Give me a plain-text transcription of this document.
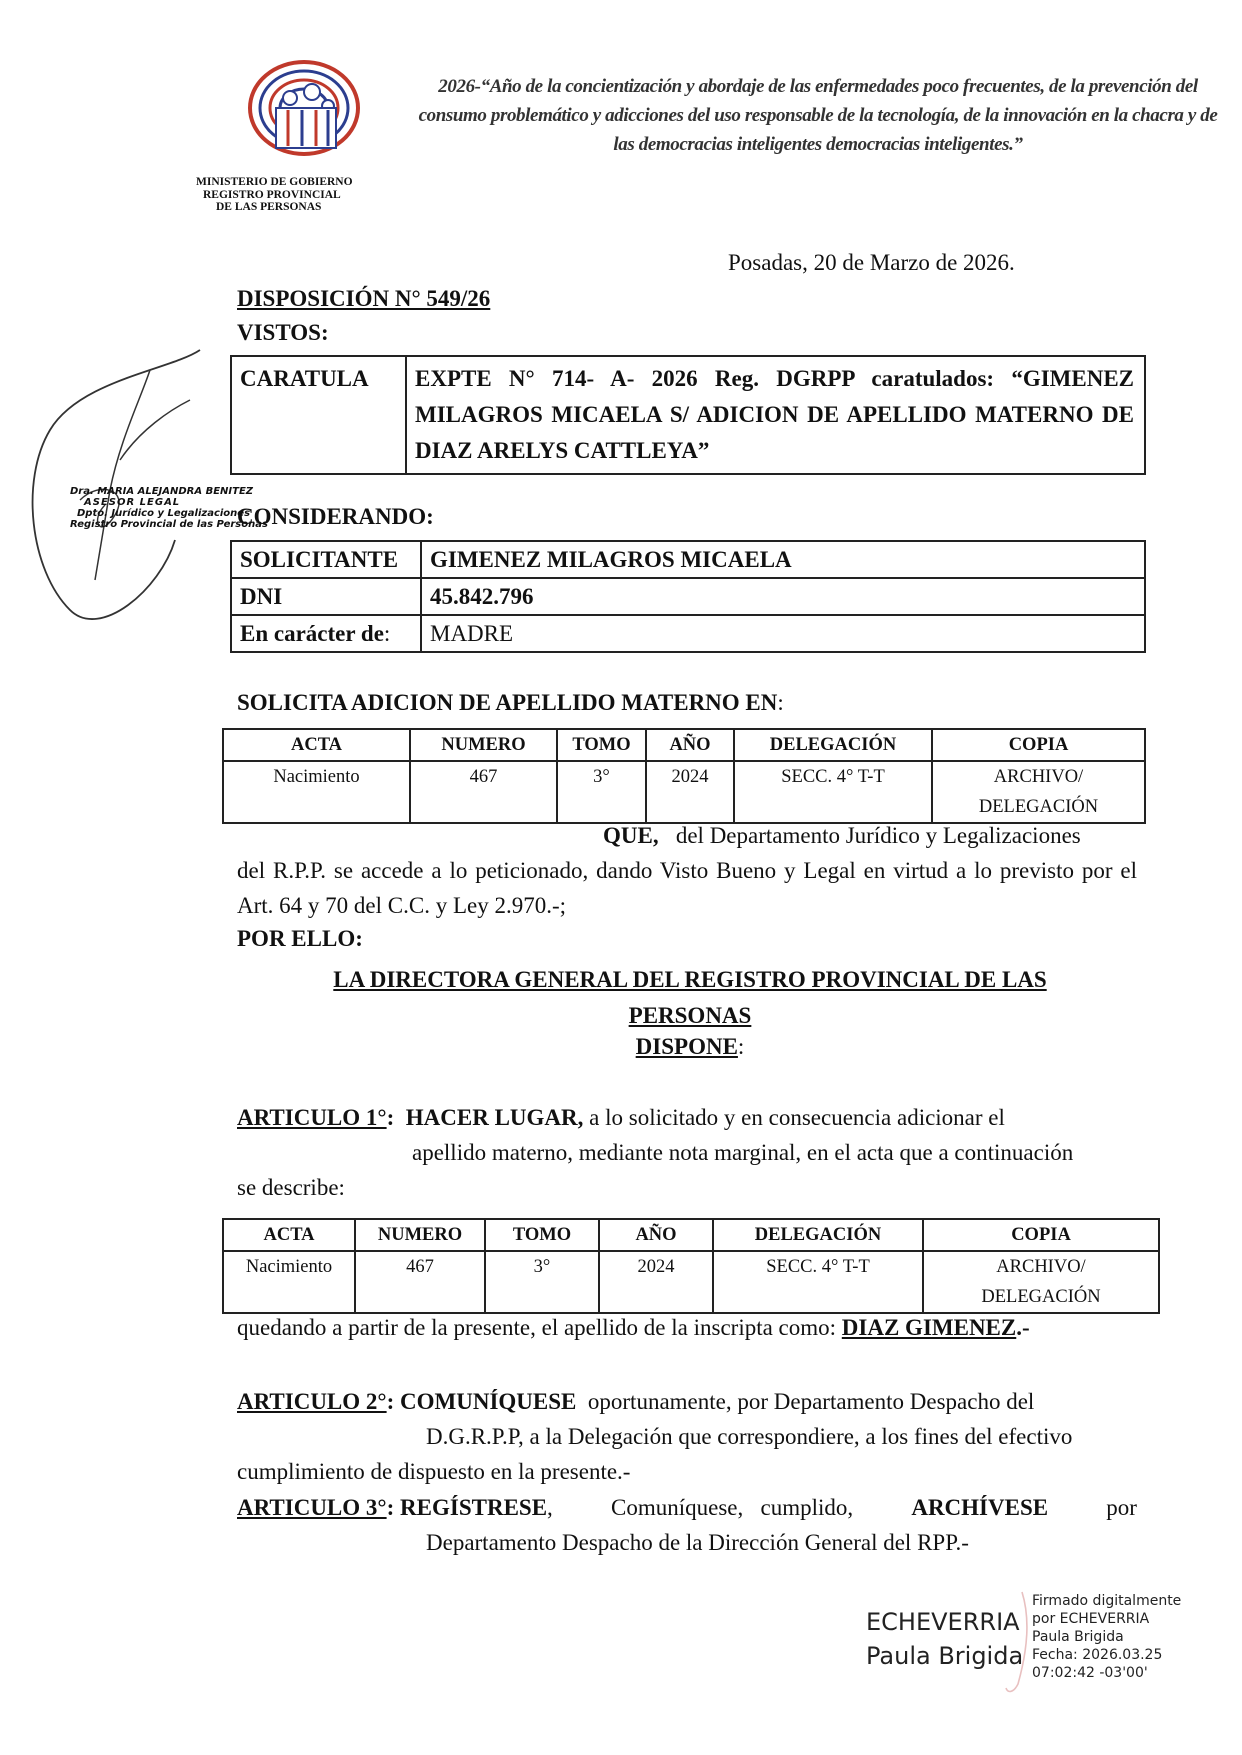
MINISTERIO DE GOBIERNO
REGISTRO PROVINCIAL
DE LAS PERSONAS
2026-“Año de la concientización y abordaje de las enfermedades poco frecuentes, de la prevención del consumo problemático y adicciones del uso responsable de la tecnología, de la innovación en la chacra y de las democracias inteligentes democracias inteligentes.”
Dra. MARIA ALEJANDRA BENITEZ
ASESOR LEGAL
Dpto. Jurídico y Legalizaciones
Registro Provincial de las Personas
Posadas, 20 de Marzo de 2026.
DISPOSICIÓN N° 549/26
VISTOS:
CARATULA	EXPTE N° 714- A- 2026 Reg. DGRPP caratulados: “GIMENEZ MILAGROS MICAELA S/ ADICION DE APELLIDO MATERNO DE DIAZ ARELYS CATTLEYA”
CONSIDERANDO:
SOLICITANTE	GIMENEZ MILAGROS MICAELA
DNI	45.842.796
En carácter de:	MADRE
SOLICITA ADICION DE APELLIDO MATERNO EN:
ACTA	NUMERO	TOMO	AÑO	DELEGACIÓN	COPIA
Nacimiento	467	3°	2024	SECC. 4° T-T	ARCHIVO/
DELEGACIÓN
QUE, del Departamento Jurídico y Legalizaciones
del R.P.P. se accede a lo peticionado, dando Visto Bueno y Legal en virtud a lo previsto por el Art. 64 y 70 del C.C. y Ley 2.970.-;
POR ELLO:
LA DIRECTORA GENERAL DEL REGISTRO PROVINCIAL DE LAS PERSONAS
DISPONE:
ARTICULO 1°: HACER LUGAR, a lo solicitado y en consecuencia adicionar el
apellido materno, mediante nota marginal, en el acta que a continuación
se describe:
ACTA	NUMERO	TOMO	AÑO	DELEGACIÓN	COPIA
Nacimiento	467	3°	2024	SECC. 4° T-T	ARCHIVO/
DELEGACIÓN
quedando a partir de la presente, el apellido de la inscripta como: DIAZ GIMENEZ.-
ARTICULO 2°: COMUNÍQUESE oportunamente, por Departamento Despacho del
D.G.R.P.P, a la Delegación que correspondiere, a los fines del efectivo
cumplimiento de dispuesto en la presente.-
ARTICULO 3°: REGÍSTRESE,	Comuníquese,   cumplido,	ARCHÍVESE	por
Departamento Despacho de la Dirección General del RPP.-
ECHEVERRIA
Paula Brigida
Firmado digitalmente
por ECHEVERRIA
Paula Brigida
Fecha: 2026.03.25
07:02:42 -03'00'
